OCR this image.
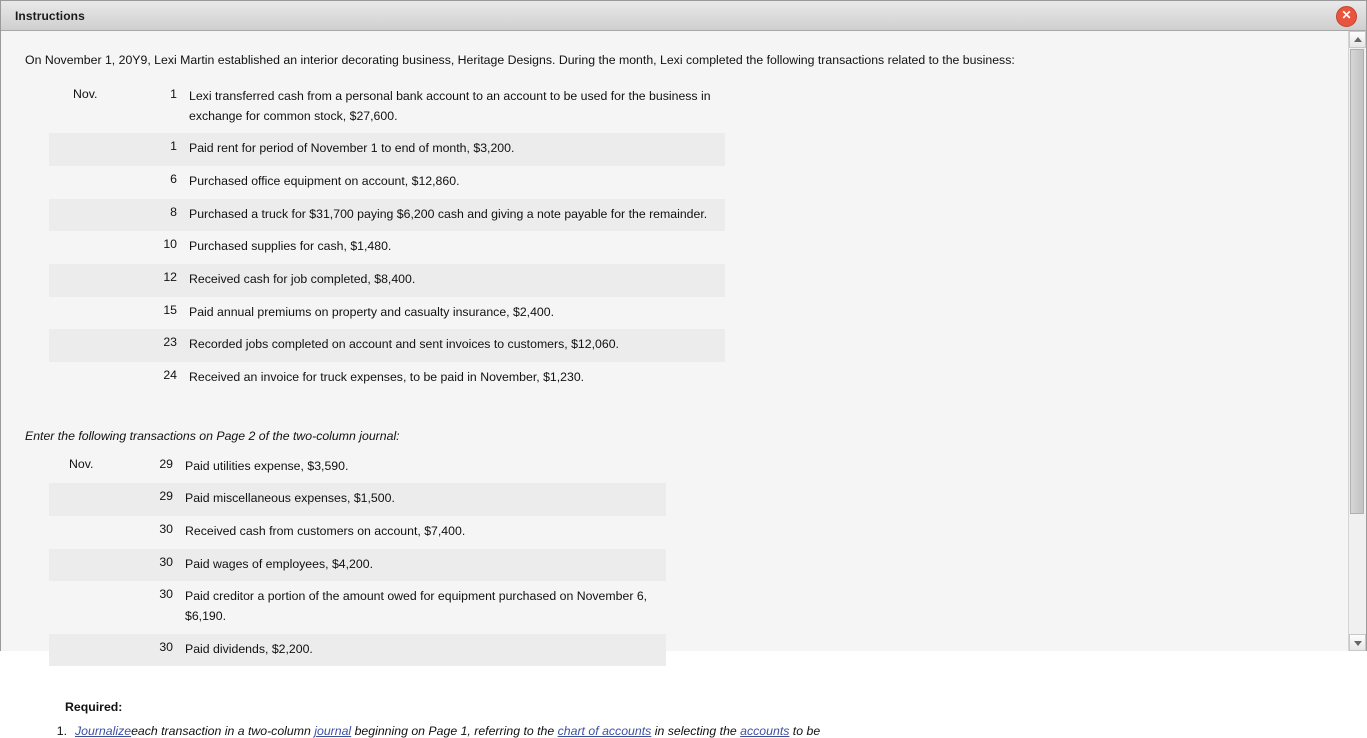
Instructions	✕

On November 1, 20Y9, Lexi Martin established an interior decorating business, Heritage Designs. During the month, Lexi completed the following transactions related to the business:

Nov.	1	Lexi transferred cash from a personal bank account to an account to be used for the business in exchange for common stock, $27,600.
	1	Paid rent for period of November 1 to end of month, $3,200.
	6	Purchased office equipment on account, $12,860.
	8	Purchased a truck for $31,700 paying $6,200 cash and giving a note payable for the remainder.
	10	Purchased supplies for cash, $1,480.
	12	Received cash for job completed, $8,400.
	15	Paid annual premiums on property and casualty insurance, $2,400.
	23	Recorded jobs completed on account and sent invoices to customers, $12,060.
	24	Received an invoice for truck expenses, to be paid in November, $1,230.

Enter the following transactions on Page 2 of the two-column journal:

Nov.	29	Paid utilities expense, $3,590.
	29	Paid miscellaneous expenses, $1,500.
	30	Received cash from customers on account, $7,400.
	30	Paid wages of employees, $4,200.
	30	Paid creditor a portion of the amount owed for equipment purchased on November 6, $6,190.
	30	Paid dividends, $2,200.
Required:
1. Journalizeeach transaction in a two-column journal beginning on Page 1, referring to the chart of accounts in selecting the accounts to be
